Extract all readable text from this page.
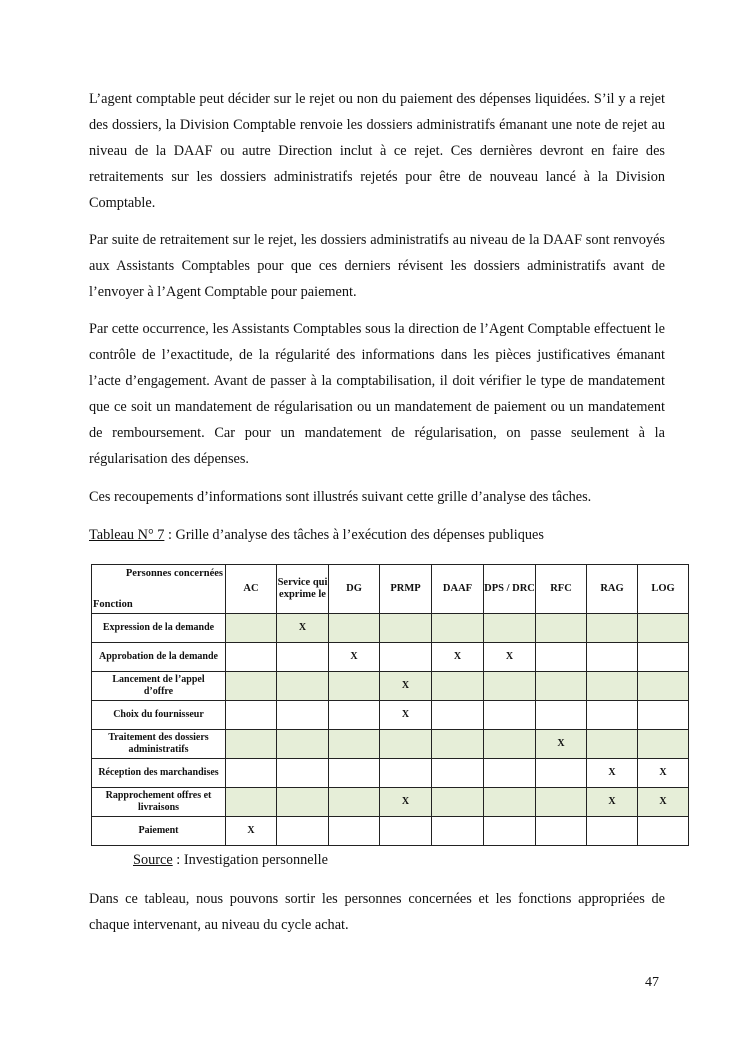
L’agent comptable peut décider sur le rejet ou non du paiement des dépenses liquidées. S’il y a rejet des dossiers, la Division Comptable renvoie les dossiers administratifs émanant une note de rejet au niveau de la DAAF ou autre Direction inclut à ce rejet. Ces dernières devront en faire des retraitements sur les dossiers administratifs rejetés pour être de nouveau lancé à la Division Comptable.

Par suite de retraitement sur le rejet, les dossiers administratifs au niveau de la DAAF sont renvoyés aux Assistants Comptables pour que ces derniers révisent les dossiers administratifs avant de l’envoyer à l’Agent Comptable pour paiement.

Par cette occurrence, les Assistants Comptables sous la direction de l’Agent Comptable effectuent le contrôle de l’exactitude, de la régularité des informations dans les pièces justificatives émanant l’acte d’engagement. Avant de passer à la comptabilisation, il doit vérifier le type de mandatement que ce soit un mandatement de régularisation ou un mandatement de paiement ou un mandatement de remboursement. Car pour un mandatement de régularisation, on passe seulement à la régularisation des dépenses.

Ces recoupements d’informations sont illustrés suivant cette grille d’analyse des tâches.

Tableau N° 7 : Grille d’analyse des tâches à l’exécution des dépenses publiques

Personnes concernées
Fonction	AC	Service qui exprime le	DG	PRMP	DAAF	DPS / DRC	RFC	RAG	LOG
Expression de la demande		X							
Approbation de la demande			X		X	X			
Lancement de l’appel d’offre				X					
Choix du fournisseur				X					
Traitement des dossiers administratifs							X		
Réception des marchandises								X	X
Rapprochement offres et livraisons				X				X	X
Paiement	X								

Source : Investigation personnelle

Dans ce tableau, nous pouvons sortir les personnes concernées et les fonctions appropriées de chaque intervenant, au niveau du cycle achat.

47
